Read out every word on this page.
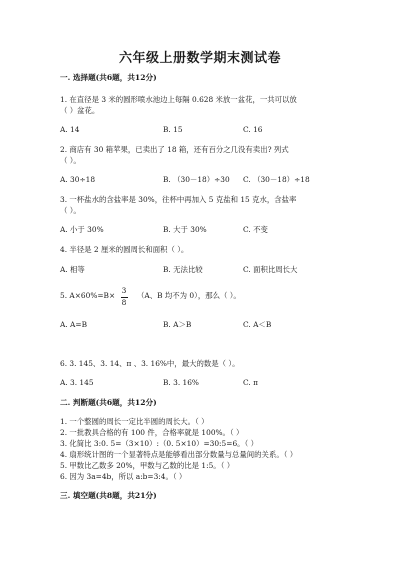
六年级上册数学期末测试卷
一. 选择题(共6题，共12分)
1. 在直径是 3 米的圆形喷水池边上每隔 0.628 米放一盆花，一共可以放
（ ）盆花。
A. 14	B. 15	C. 16
2. 商店有 30 箱苹果，已卖出了 18 箱，还有百分之几没有卖出? 列式
（ ）。
A. 30÷18	B. （30－18）÷30 C. （30－18）÷18
3. 一杯盐水的含盐率是 30%，往杯中再加入 5 克盐和 15 克水，含盐率
（ ）。
A. 小于 30%	B. 大于 30%	C. 不变
4. 半径是 2 厘米的圆周长和面积（ ）。
A. 相等	B. 无法比较	C. 面积比周长大
5. A×60%=B×
3
8
（A、B 均不为 0），那么（ ）。
A. A=B	B. A＞B	C. A＜B
6. 3. 145、3. 14、π 、3. 16%中，最大的数是（ ）。
A. 3. 145	B. 3. 16%	C. π
二. 判断题(共6题，共12分)
1. 一个整圆的周长一定比半圆的周长大。（ ）
2. 一批教具合格的有 100 件，合格率就是 100%。（ ）
3. 化简比 3:0. 5=（3×10）:（0. 5×10）=30:5=6。（ ）
4. 扇形统计图的一个显著特点是能够看出部分数量与总量间的关系。（ ）
5. 甲数比乙数多 20%，甲数与乙数的比是 1:5。（ ）
6. 因为 3a=4b，所以 a:b=3:4。（ ）
三. 填空题(共8题，共21分)
